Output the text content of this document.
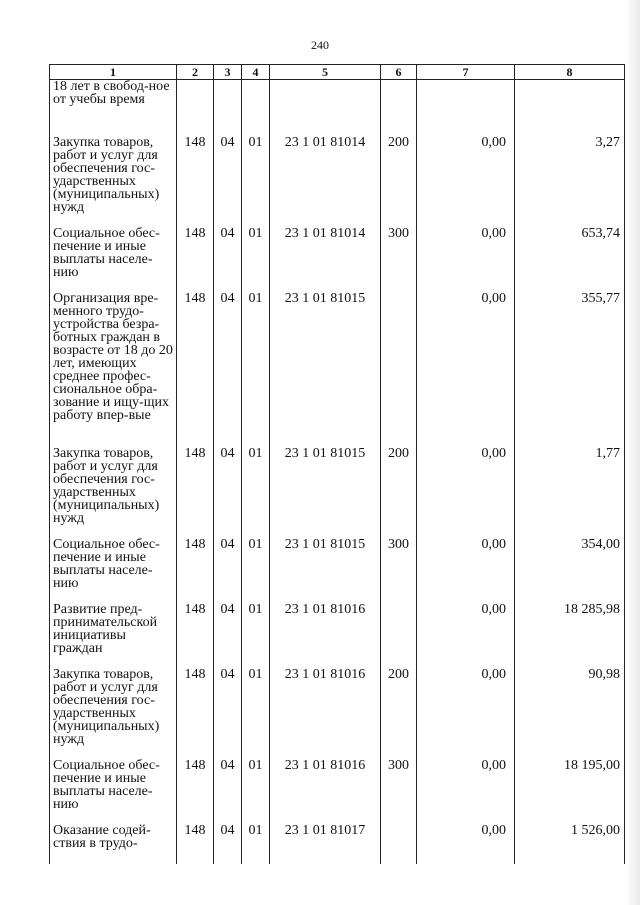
240
1	2	3	4	5	6	7	8
18 лет в свобод-ное от учебы время							
Закупка товаров, работ и услуг для обеспечения гос-ударственных (муниципальных) нужд	148	04	01	23 1 01 81014	200	0,00	3,27
Социальное обес-печение и иные выплаты населе-нию	148	04	01	23 1 01 81014	300	0,00	653,74
Организация вре-менного трудо-устройства безра-ботных граждан в возрасте от 18 до 20 лет, имеющих среднее профес-сиональное обра-зование и ищу-щих работу впер-вые	148	04	01	23 1 01 81015		0,00	355,77
Закупка товаров, работ и услуг для обеспечения гос-ударственных (муниципальных) нужд	148	04	01	23 1 01 81015	200	0,00	1,77
Социальное обес-печение и иные выплаты населе-нию	148	04	01	23 1 01 81015	300	0,00	354,00
Развитие пред-принимательской инициативы граждан	148	04	01	23 1 01 81016		0,00	18 285,98
Закупка товаров, работ и услуг для обеспечения гос-ударственных (муниципальных) нужд	148	04	01	23 1 01 81016	200	0,00	90,98
Социальное обес-печение и иные выплаты населе-нию	148	04	01	23 1 01 81016	300	0,00	18 195,00
Оказание содей-ствия в трудо-	148	04	01	23 1 01 81017		0,00	1 526,00
